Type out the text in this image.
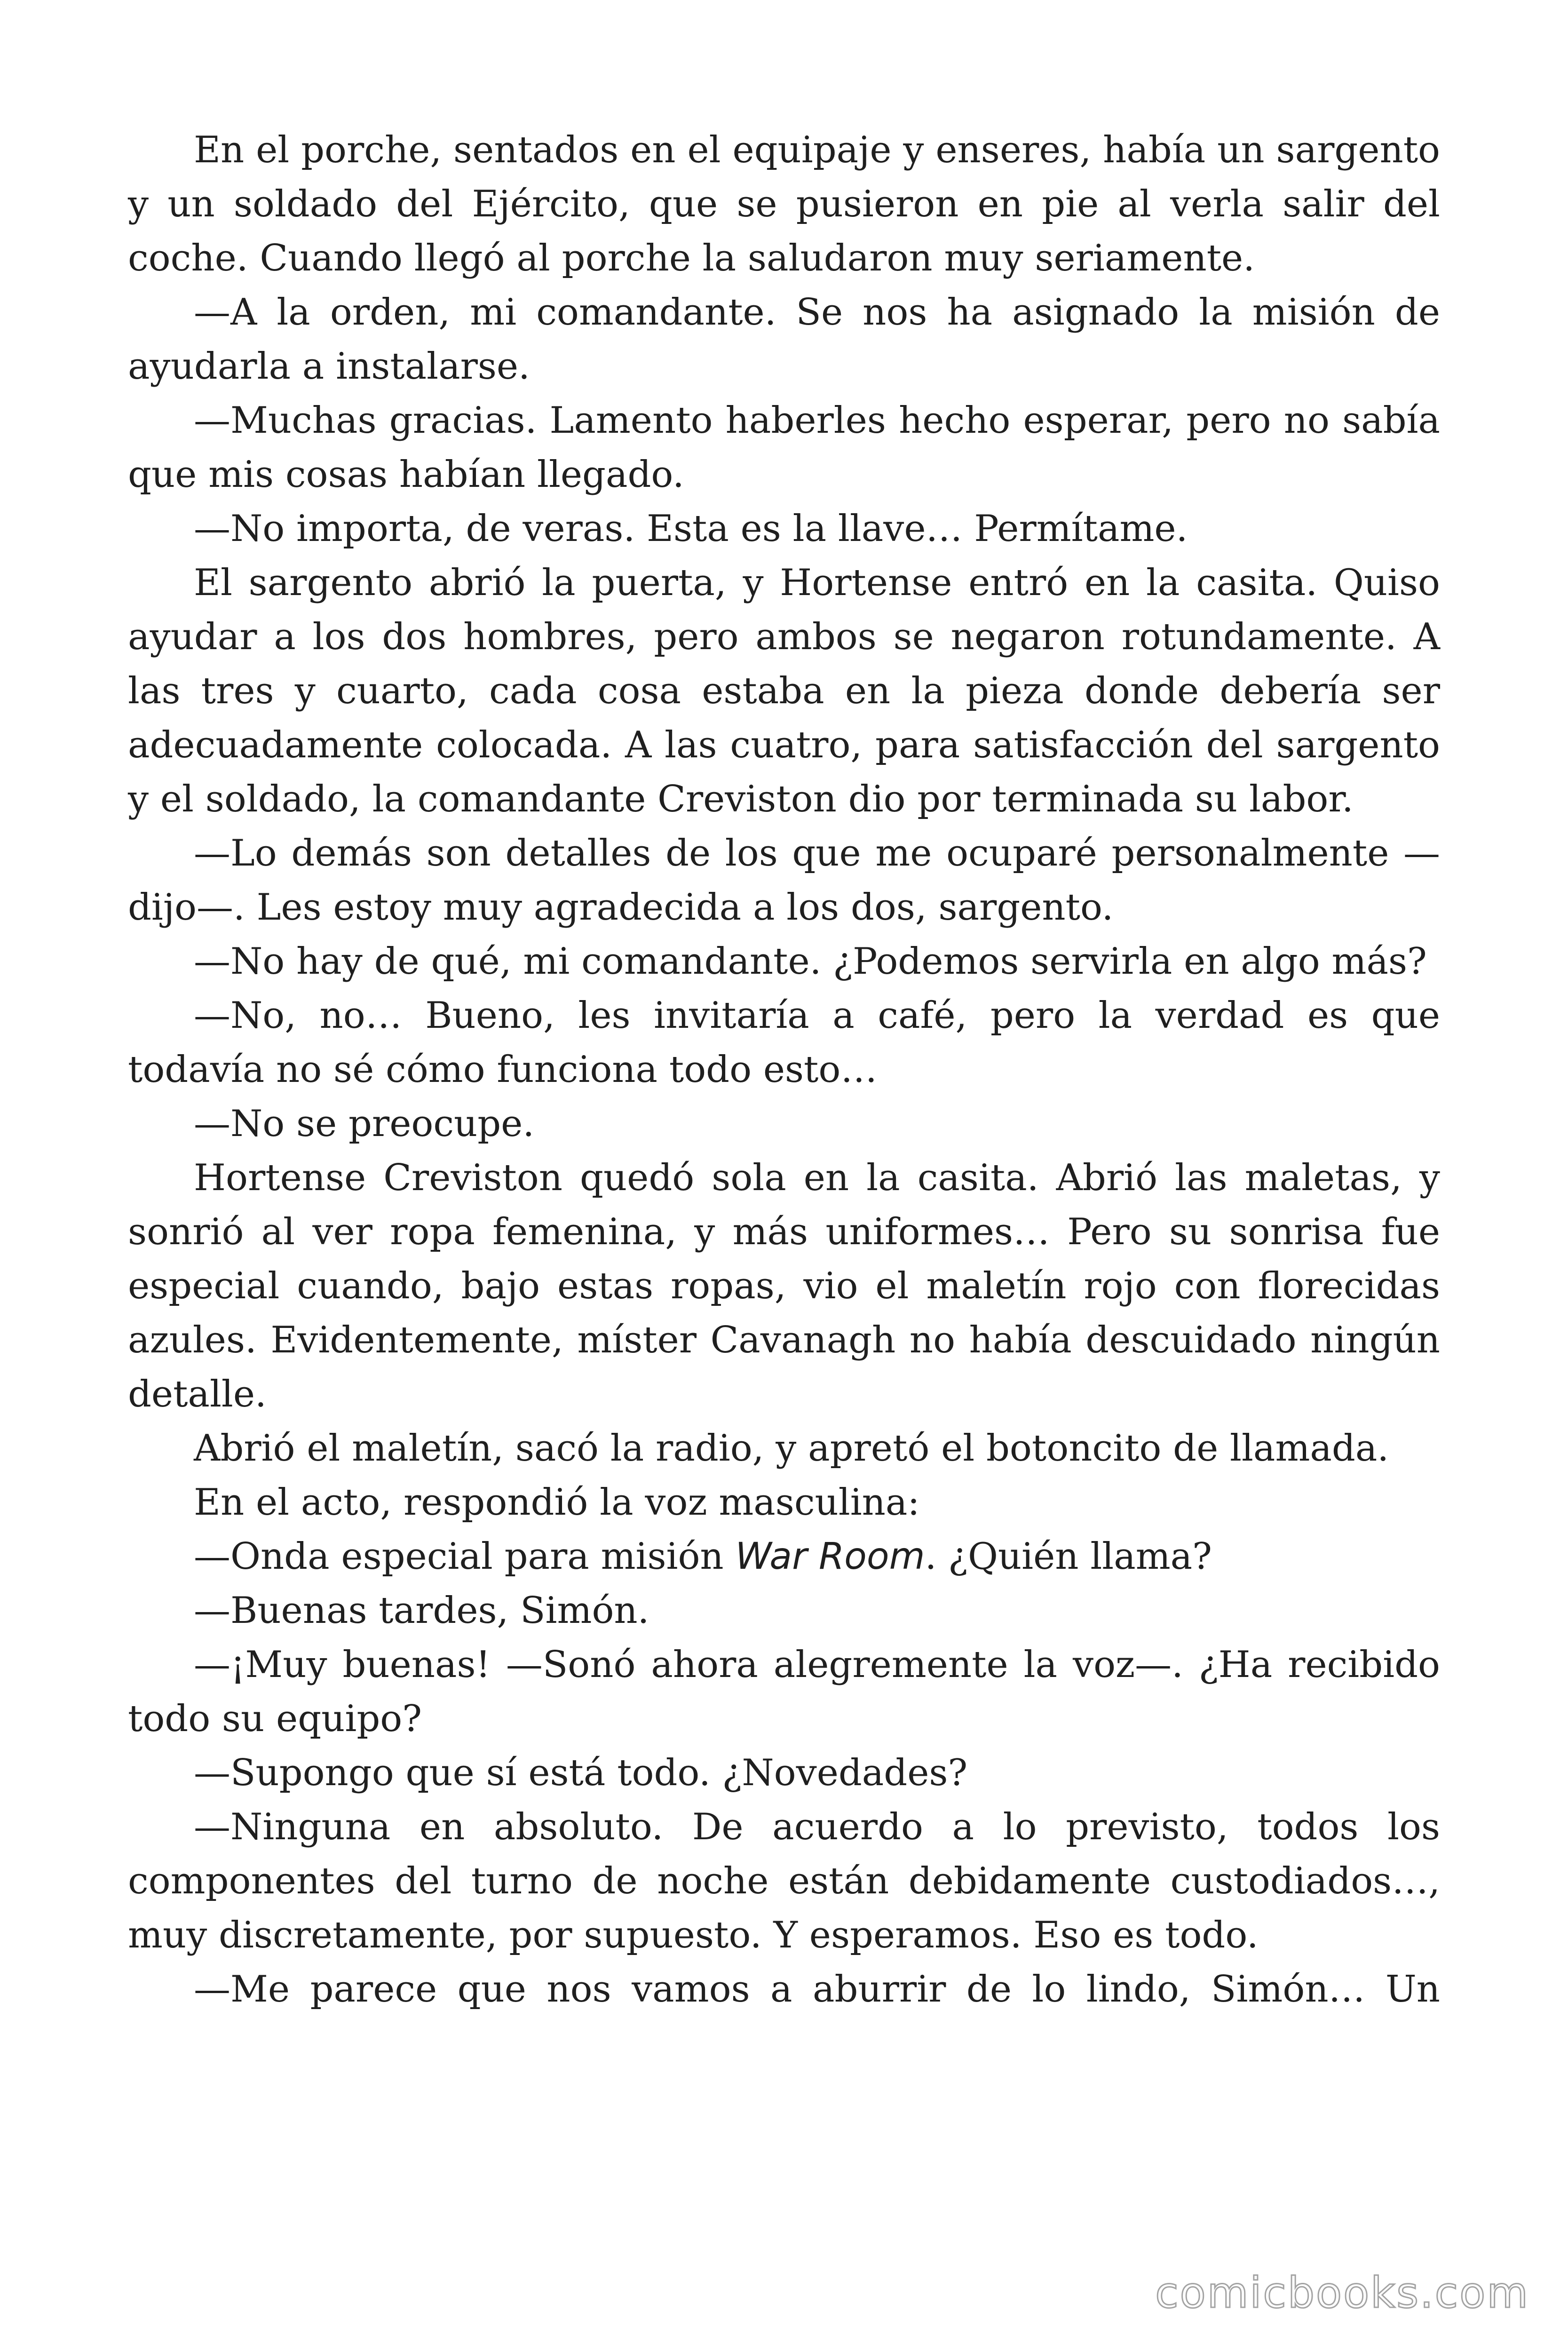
En el porche, sentados en el equipaje y enseres, había un sargento y un soldado del Ejército, que se pusieron en pie al verla salir del coche. Cuando llegó al porche la saludaron muy seriamente.

—A la orden, mi comandante. Se nos ha asignado la misión de ayudarla a instalarse.

—Muchas gracias. Lamento haberles hecho esperar, pero no sabía que mis cosas habían llegado.

—No importa, de veras. Esta es la llave… Permítame.

El sargento abrió la puerta, y Hortense entró en la casita. Quiso ayudar a los dos hombres, pero ambos se negaron rotundamente. A las tres y cuarto, cada cosa estaba en la pieza donde debería ser adecuadamente colocada. A las cuatro, para satisfacción del sargento y el soldado, la comandante Creviston dio por terminada su labor.

—Lo demás son detalles de los que me ocuparé personalmente —dijo—. Les estoy muy agradecida a los dos, sargento.

—No hay de qué, mi comandante. ¿Podemos servirla en algo más?

—No, no… Bueno, les invitaría a café, pero la verdad es que todavía no sé cómo funciona todo esto…

—No se preocupe.

Hortense Creviston quedó sola en la casita. Abrió las maletas, y sonrió al ver ropa femenina, y más uniformes… Pero su sonrisa fue especial cuando, bajo estas ropas, vio el maletín rojo con florecidas azules. Evidentemente, míster Cavanagh no había descuidado ningún detalle.

Abrió el maletín, sacó la radio, y apretó el botoncito de llamada.

En el acto, respondió la voz masculina:

—Onda especial para misión War Room. ¿Quién llama?

—Buenas tardes, Simón.

—¡Muy buenas! —Sonó ahora alegremente la voz—. ¿Ha recibido todo su equipo?

—Supongo que sí está todo. ¿Novedades?

—Ninguna en absoluto. De acuerdo a lo previsto, todos los componentes del turno de noche están debidamente custodiados…, muy discretamente, por supuesto. Y esperamos. Eso es todo.

—Me parece que nos vamos a aburrir de lo lindo, Simón… Un

comicbooks.com
